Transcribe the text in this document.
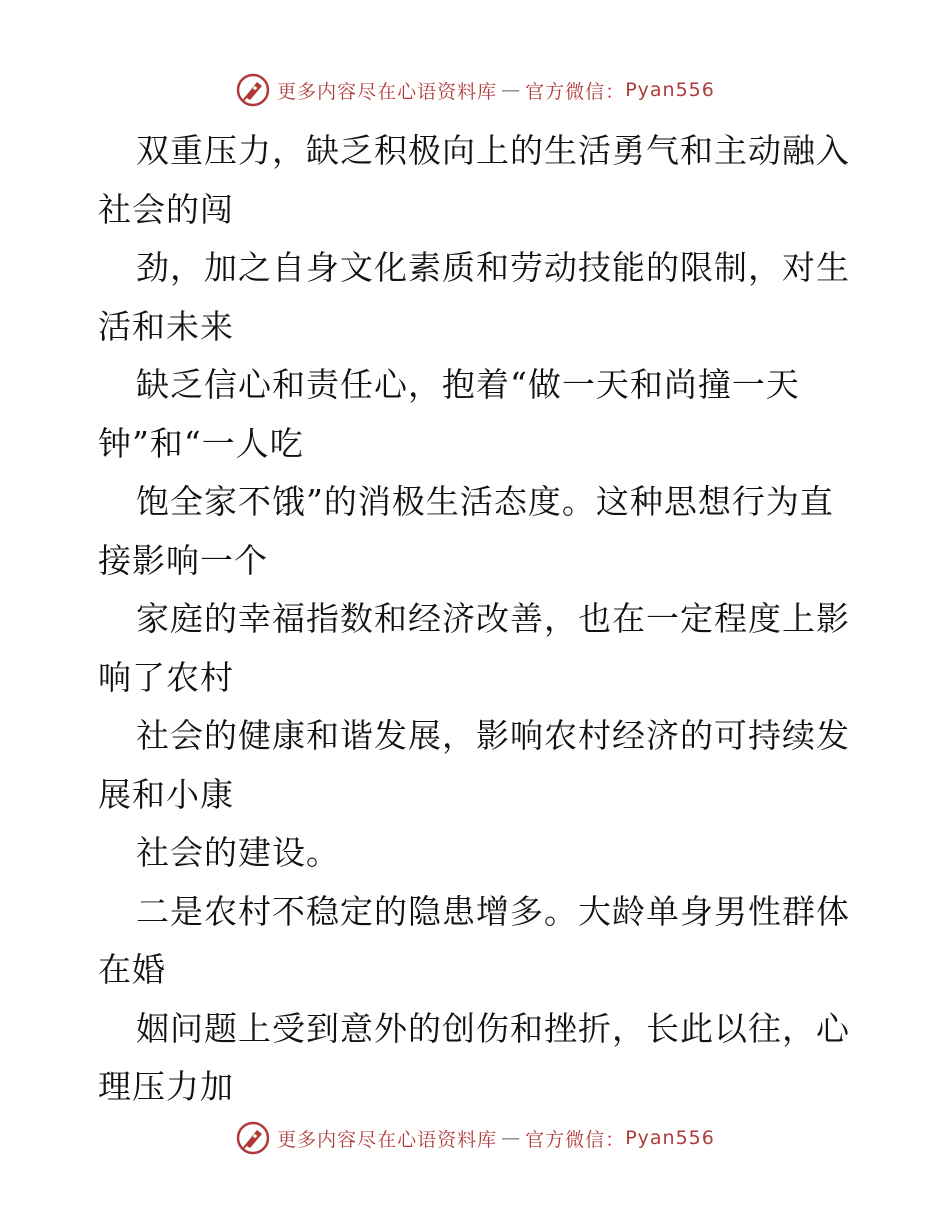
更多内容尽在心语资料库 — 官方微信： Pyan556
双重压力，缺乏积极向上的生活勇气和主动融入
社会的闯
劲，加之自身文化素质和劳动技能的限制，对生
活和未来
缺乏信心和责任心，抱着“做一天和尚撞一天
钟”和“一人吃
饱全家不饿”的消极生活态度。这种思想行为直
接影响一个
家庭的幸福指数和经济改善，也在一定程度上影
响了农村
社会的健康和谐发展，影响农村经济的可持续发
展和小康
社会的建设。
二是农村不稳定的隐患增多。大龄单身男性群体
在婚
姻问题上受到意外的创伤和挫折，长此以往，心
理压力加
更多内容尽在心语资料库 — 官方微信： Pyan556
